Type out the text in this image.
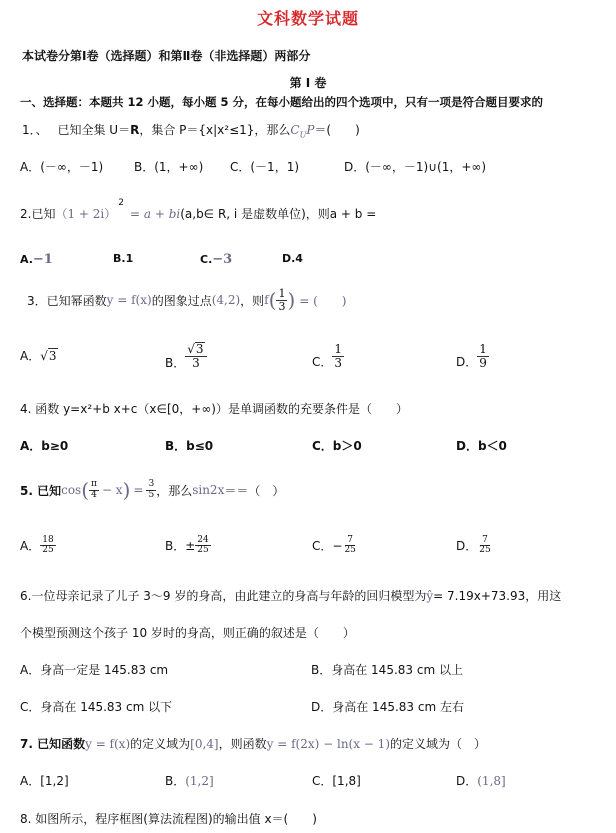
文科数学试题
本试卷分第Ⅰ卷（选择题）和第Ⅱ卷（非选择题）两部分
第 I 卷
一、选择题：本题共 12 小题，每小题 5 分，在每小题给出的四个选项中，只有一项是符合题目要求的
1．、 已知全集 U＝R，集合 P＝{x|x²≤1}，那么$C_UP=$(　　)
A．(－∞，－1)	B．(1，+∞) C．(－1，1)	D．(－∞，－1)∪(1，+∞)
2.已知$(1 + 2i)^2= a$ + bi(a,b∈ R, i 是虚数单位)，则a + b =
A.−1	B.1	C.−3	D.4
3．已知幂函数 y = f(x) 的图象过点 (4,2) ，则 f ( $\frac{1}{3}$ ) = (　　)
A． √ 3	B． $\frac{√ 3}{3}$	C． $\frac{1}{3}$	D． $\frac{1}{9}$
4. 函数 y=x²+b x+c（x∈[0，+∞)）是单调函数的充要条件是（　　）
A．b≥0	B．b≤0	C．b＞0	D．b＜0
5. 已知 cos ( $\frac{\pi}{4} - x$ ) = $\frac{3}{5}$ ，那么 sin2x ＝＝（　）
A． $\frac{18}{25}$	B．± $\frac{24}{25}$	C．− $\frac{7}{25}$	D． $\frac{7}{25}$
6.一位母亲记录了儿子 3～9 岁的身高，由此建立的身高与年龄的回归模型为ŷ= 7.19x+73.93，用这
个模型预测这个孩子 10 岁时的身高，则正确的叙述是（　　）
A．身高一定是 145.83 cm	B．身高在 145.83 cm 以上
C．身高在 145.83 cm 以下	D．身高在 145.83 cm 左右
7. 已知函数y = f(x)的定义域为[0,4]，则函数y = f(2x) − ln(x − 1)的定义域为（　）
A．[1,2]	B．(1,2]	C．[1,8]	D．(1,8]
8. 如图所示，程序框图(算法流程图)的输出值 x＝(　　)
